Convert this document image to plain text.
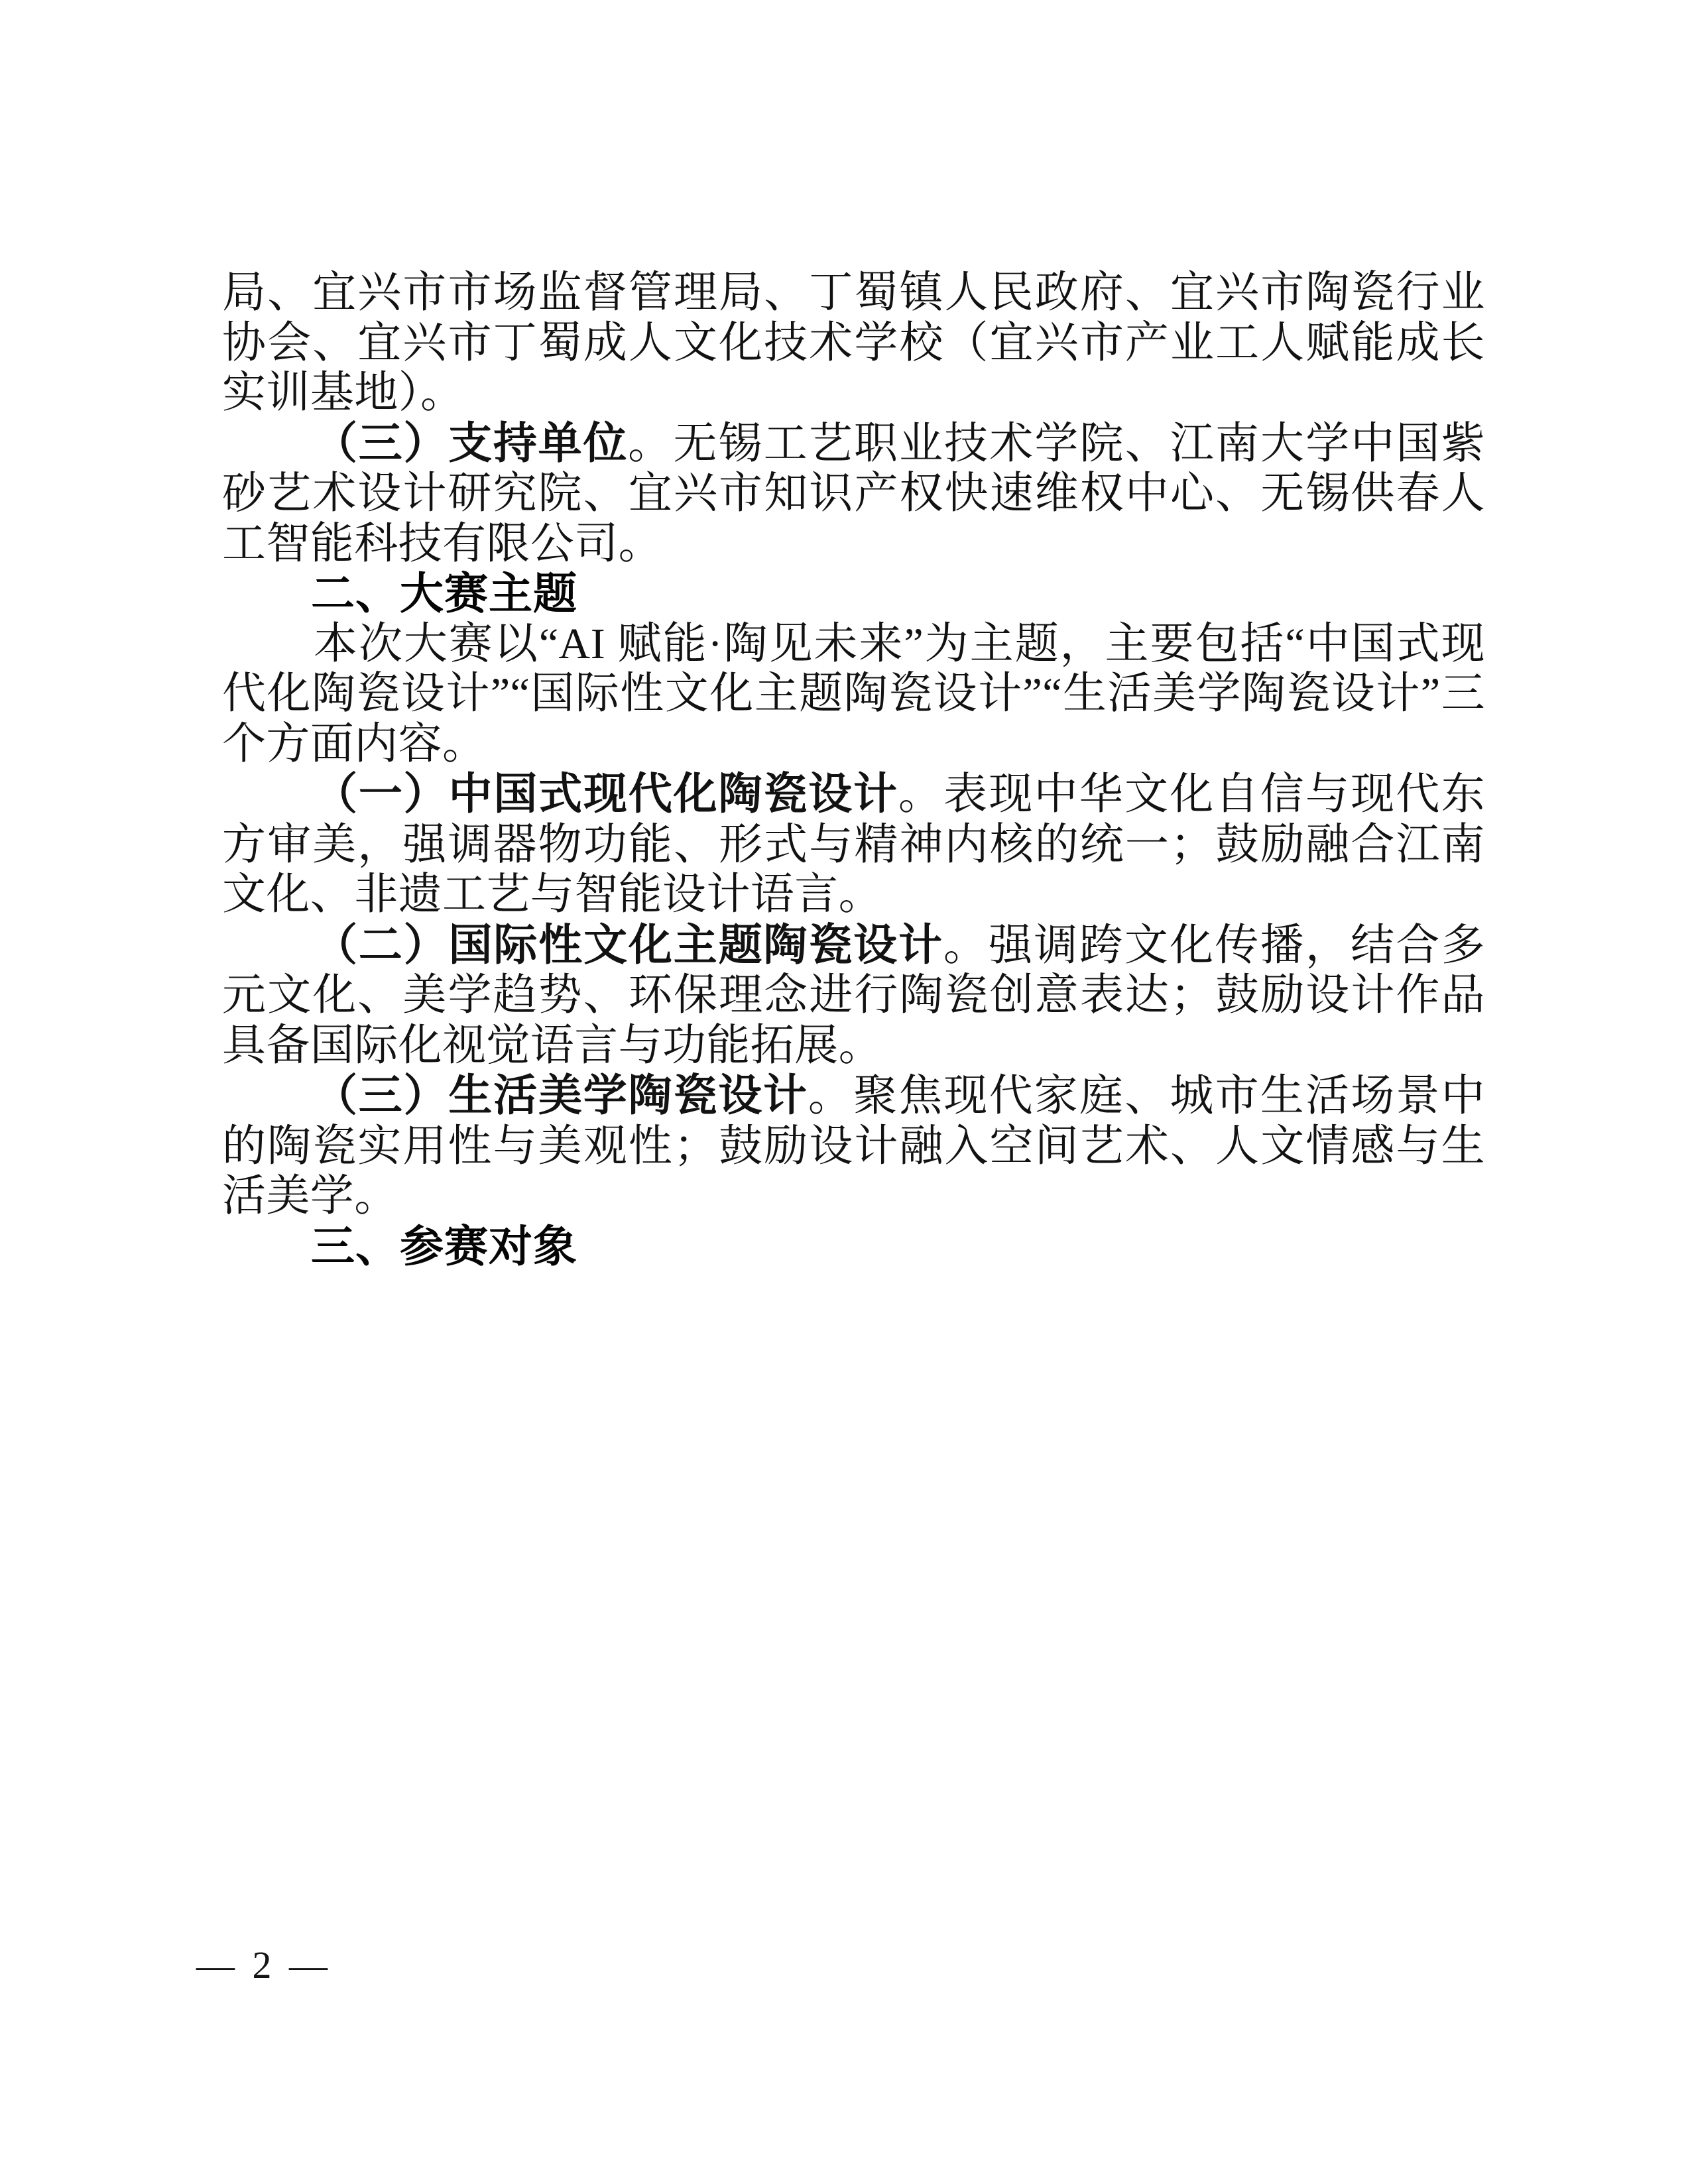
局、宜兴市市场监督管理局、丁蜀镇人民政府、宜兴市陶瓷行业协会、宜兴市丁蜀成人文化技术学校（宜兴市产业工人赋能成长实训基地）。

（三）支持单位。无锡工艺职业技术学院、江南大学中国紫砂艺术设计研究院、宜兴市知识产权快速维权中心、无锡供春人工智能科技有限公司。

二、大赛主题

本次大赛以“AI 赋能·陶见未来”为主题，主要包括“中国式现代化陶瓷设计”“国际性文化主题陶瓷设计”“生活美学陶瓷设计”三个方面内容。

（一）中国式现代化陶瓷设计。表现中华文化自信与现代东方审美，强调器物功能、形式与精神内核的统一；鼓励融合江南文化、非遗工艺与智能设计语言。

（二）国际性文化主题陶瓷设计。强调跨文化传播，结合多元文化、美学趋势、环保理念进行陶瓷创意表达；鼓励设计作品具备国际化视觉语言与功能拓展。

（三）生活美学陶瓷设计。聚焦现代家庭、城市生活场景中的陶瓷实用性与美观性；鼓励设计融入空间艺术、人文情感与生活美学。

三、参赛对象
— 2 —
